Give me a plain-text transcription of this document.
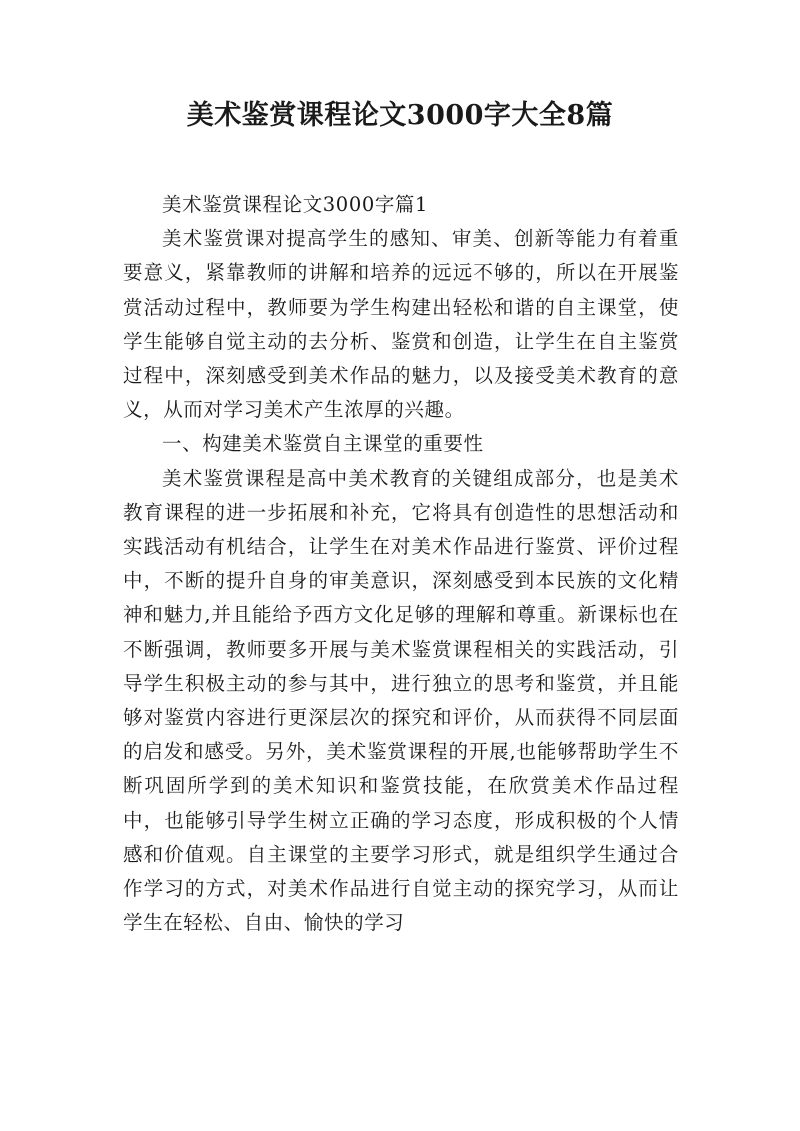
美术鉴赏课程论文3000字大全8篇

美术鉴赏课程论文3000字篇1

美术鉴赏课对提高学生的感知、审美、创新等能力有着重要意义，紧靠教师的讲解和培养的远远不够的，所以在开展鉴赏活动过程中，教师要为学生构建出轻松和谐的自主课堂，使学生能够自觉主动的去分析、鉴赏和创造，让学生在自主鉴赏过程中，深刻感受到美术作品的魅力，以及接受美术教育的意义，从而对学习美术产生浓厚的兴趣。

一、构建美术鉴赏自主课堂的重要性

美术鉴赏课程是高中美术教育的关键组成部分，也是美术教育课程的进一步拓展和补充，它将具有创造性的思想活动和实践活动有机结合，让学生在对美术作品进行鉴赏、评价过程中，不断的提升自身的审美意识，深刻感受到本民族的文化精神和魅力,并且能给予西方文化足够的理解和尊重。新课标也在不断强调，教师要多开展与美术鉴赏课程相关的实践活动，引导学生积极主动的参与其中，进行独立的思考和鉴赏，并且能够对鉴赏内容进行更深层次的探究和评价，从而获得不同层面的启发和感受。另外，美术鉴赏课程的开展,也能够帮助学生不断巩固所学到的美术知识和鉴赏技能，在欣赏美术作品过程中，也能够引导学生树立正确的学习态度，形成积极的个人情感和价值观。自主课堂的主要学习形式，就是组织学生通过合作学习的方式，对美术作品进行自觉主动的探究学习，从而让学生在轻松、自由、愉快的学习
